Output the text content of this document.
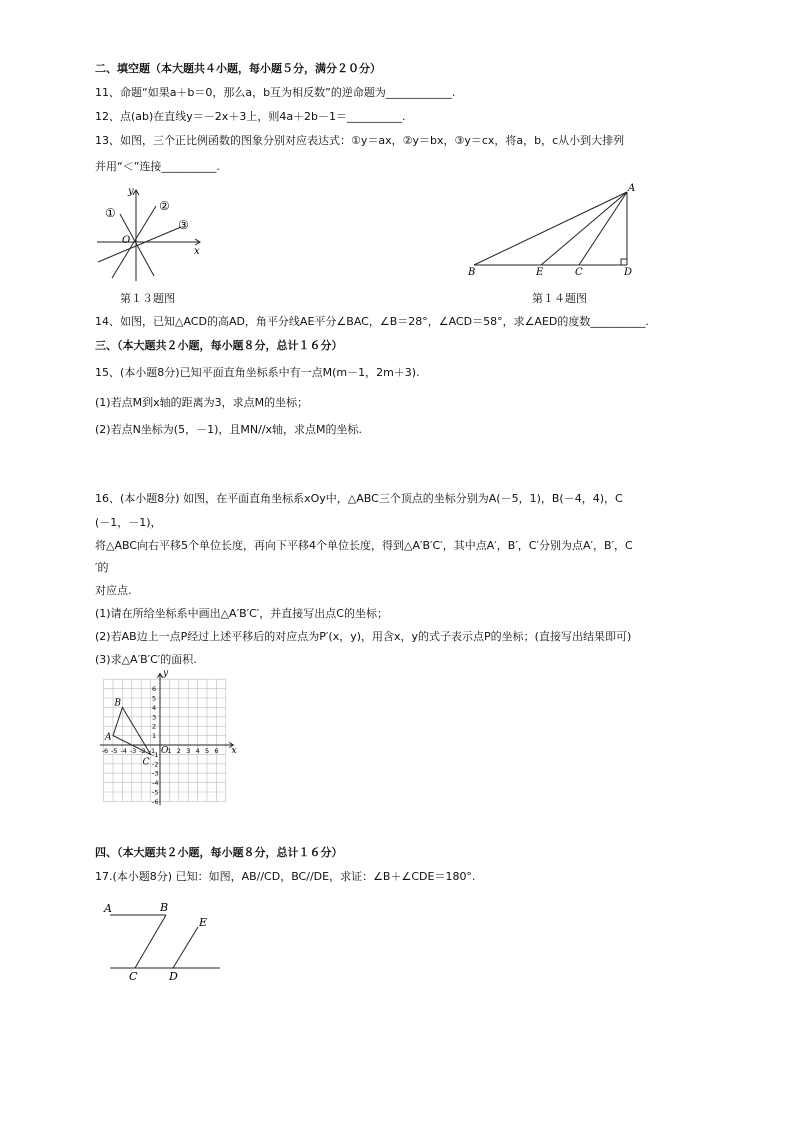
二、填空题（本大题共４小题，每小题５分，满分２０分）
11、命题“如果a＋b＝0，那么a，b互为相反数”的逆命题为____________.
12、点(ab)在直线y＝－2x＋3上，则4a＋2b－1＝__________.
13、如图，三个正比例函数的图象分别对应表达式：①y＝ax，②y＝bx，③y＝cx，将a，b，c从小到大排列
并用“＜”连接__________.
①	②
③
y
x
O
第１３题图
A
B	E	C	D
第１４题图
14、如图，已知△ACD的高AD，角平分线AE平分∠BAC，∠B＝28°，∠ACD＝58°，求∠AED的度数__________.
三、（本大题共２小题，每小题８分，总计１６分）
15、(本小题8分)已知平面直角坐标系中有一点M(m－1，2m＋3).
(1)若点M到x轴的距离为3，求点M的坐标；
(2)若点N坐标为(5，－1)，且MN//x轴，求点M的坐标.
16、(本小题8分) 如图，在平面直角坐标系xOy中，△ABC三个顶点的坐标分别为A(－5，1)，B(－4，4)，C
(－1，－1)，
将△ABC向右平移5个单位长度，再向下平移4个单位长度，得到△A′B′C′，其中点A′，B′，C′分别为点A′，B′，C
′的
对应点.
(1)请在所给坐标系中画出△A′B′C′，并直接写出点C的坐标；
(2)若AB边上一点P经过上述平移后的对应点为P′(x，y)，用含x，y的式子表示点P的坐标；(直接写出结果即可)
(3)求△A′B′C′的面积.
-6 -5 -4 -3 -2 -1 1 2 3 4 5 6
-6
-5
-4
-3
-2
-1
1
2
3
4
5
6
A
B
C
O	x
y
四、（本大题共２小题，每小题８分，总计１６分）
17.(本小题8分) 已知：如图，AB//CD，BC//DE，求证：∠B＋∠CDE＝180°.
A	B
C	D
E
